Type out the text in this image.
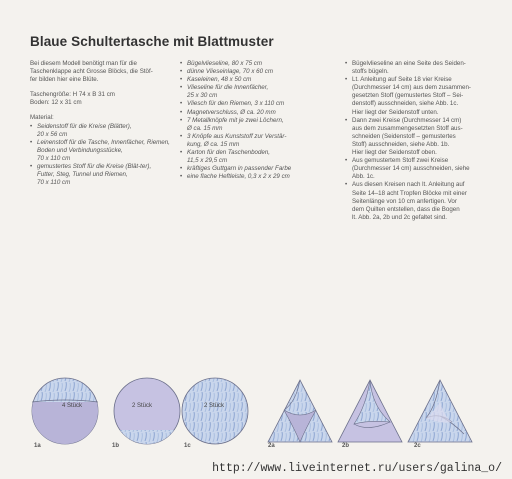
Blaue Schultertasche mit Blattmuster

Bei diesem Modell benötigt man für die

Taschenklappe acht Grosse Blöcks, die Stöf-

fer bilden hier eine Blüte.

Taschengröße: H 74 x B 31 cm

Boden: 12 x 31 cm

Material:

• Seidenstoff für die Kreise (Blätter),
20 x 56 cm
• Leinenstoff für die Tasche, Innenfächer, Riemen, Boden und Verbindungsstücke,
70 x 110 cm
• gemustertes Stoff für die Kreise (Blät-ter), Futter, Steg, Tunnel und Riemen,
70 x 110 cm
• Bügelvlieseline, 80 x 75 cm
• dünne Vlieseinlage, 70 x 60 cm
• Kaseleinen, 48 x 50 cm
• Vlieseline für die Innenfächer,
25 x 30 cm
• Vliesch für den Riemen, 3 x 110 cm
• Magnetverschluss, Ø ca. 20 mm
• 7 Metallknöpfe mit je zwei Löchern,
Ø ca. 15 mm
• 3 Knöpfe aus Kunststoff zur Verstär-
kung, Ø ca. 15 mm
• Karton für den Taschenboden,
11,5 x 29,5 cm
• kräftiges Guttgarn in passender Farbe
• eine flache Heftleiste, 0,3 x 2 x 29 cm
• Bügelvlieseline an eine Seite des Seiden-
stoffs bügeln.
• Lt. Anleitung auf Seite 18 vier Kreise
(Durchmesser 14 cm) aus dem zusammen-
gesetzten Stoff (gemustertes Stoff – Sei-
denstoff) ausschneiden, siehe Abb. 1c.
Hier liegt der Seidenstoff unten.
• Dann zwei Kreise (Durchmesser 14 cm)
aus dem zusammengesetzten Stoff aus-
schneiden (Seidenstoff – gemustertes
Stoff) ausschneiden, siehe Abb. 1b.
Hier liegt der Seidenstoff oben.
• Aus gemustertem Stoff zwei Kreise
(Durchmesser 14 cm) ausschneiden, siehe
Abb. 1c.
• Aus diesen Kreisen nach lt. Anleitung auf
Seite 14–18 acht Tropfen Blöcke mit einer
Seitenlänge von 10 cm anfertigen. Vor
dem Quilten entstellen, dass die Bogen
lt. Abb. 2a, 2b und 2c gefaltet sind.
4 Stück	2 Stück	2 Stück
1a	1b	1c	2a	2b	2c
http://www.liveinternet.ru/users/galina_o/
